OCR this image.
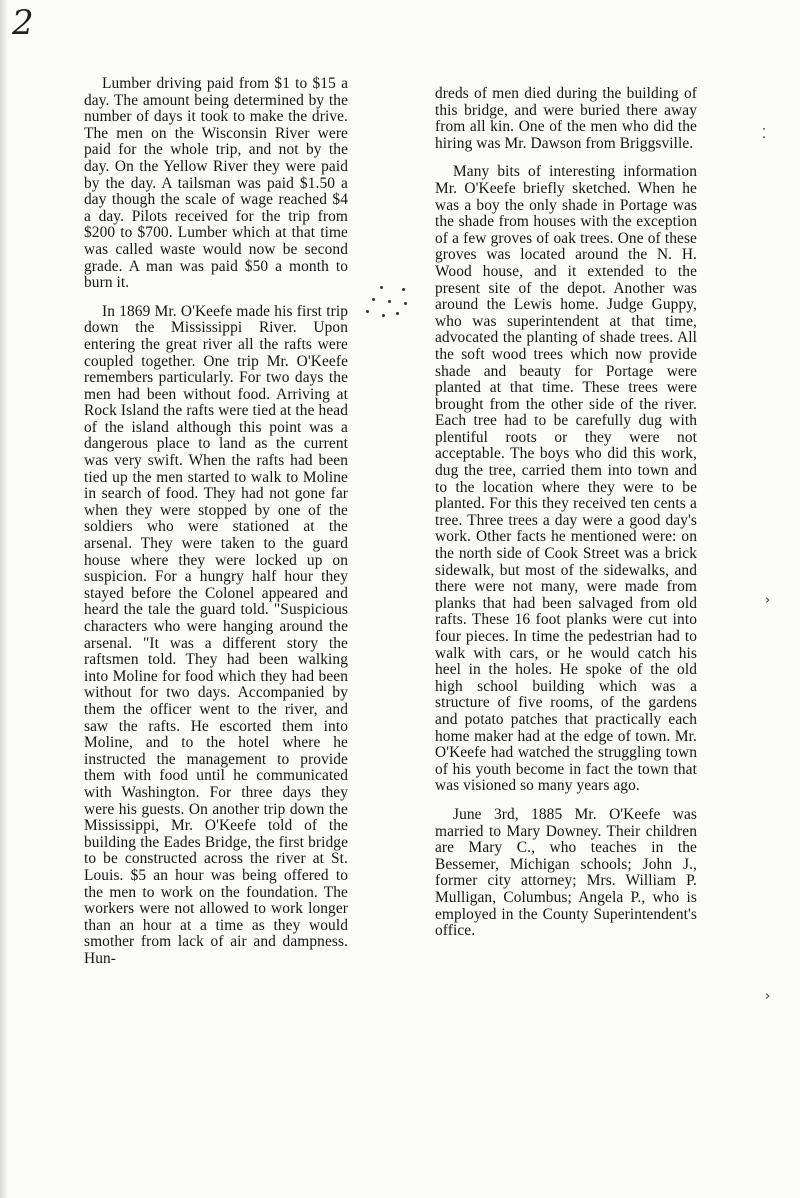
2

Lumber driving paid from $1 to $15 a day. The amount being determined by the number of days it took to make the drive. The men on the Wisconsin River were paid for the whole trip, and not by the day. On the Yellow River they were paid by the day. A tailsman was paid $1.50 a day though the scale of wage reached $4 a day. Pilots received for the trip from $200 to $700. Lumber which at that time was called waste would now be second grade. A man was paid $50 a month to burn it.

In 1869 Mr. O'Keefe made his first trip down the Mississippi River. Upon entering the great river all the rafts were coupled together. One trip Mr. O'Keefe remembers particularly. For two days the men had been without food. Arriving at Rock Island the rafts were tied at the head of the island although this point was a dangerous place to land as the current was very swift. When the rafts had been tied up the men started to walk to Moline in search of food. They had not gone far when they were stopped by one of the soldiers who were stationed at the arsenal. They were taken to the guard house where they were locked up on suspicion. For a hungry half hour they stayed before the Colonel appeared and heard the tale the guard told. "Suspicious characters who were hanging around the arsenal. "It was a different story the raftsmen told. They had been walking into Moline for food which they had been without for two days. Accompanied by them the officer went to the river, and saw the rafts. He escorted them into Moline, and to the hotel where he instructed the management to provide them with food until he communicated with Washington. For three days they were his guests. On another trip down the Mississippi, Mr. O'Keefe told of the building the Eades Bridge, the first bridge to be constructed across the river at St. Louis. $5 an hour was being offered to the men to work on the foundation. The workers were not allowed to work longer than an hour at a time as they would smother from lack of air and dampness. Hun-

dreds of men died during the building of this bridge, and were buried there away from all kin. One of the men who did the hiring was Mr. Dawson from Briggsville.

Many bits of interesting information Mr. O'Keefe briefly sketched. When he was a boy the only shade in Portage was the shade from houses with the exception of a few groves of oak trees. One of these groves was located around the N. H. Wood house, and it extended to the present site of the depot. Another was around the Lewis home. Judge Guppy, who was superintendent at that time, advocated the planting of shade trees. All the soft wood trees which now provide shade and beauty for Portage were planted at that time. These trees were brought from the other side of the river. Each tree had to be carefully dug with plentiful roots or they were not acceptable. The boys who did this work, dug the tree, carried them into town and to the location where they were to be planted. For this they received ten cents a tree. Three trees a day were a good day's work. Other facts he mentioned were: on the north side of Cook Street was a brick sidewalk, but most of the sidewalks, and there were not many, were made from planks that had been salvaged from old rafts. These 16 foot planks were cut into four pieces. In time the pedestrian had to walk with cars, or he would catch his heel in the holes. He spoke of the old high school building which was a structure of five rooms, of the gardens and potato patches that practically each home maker had at the edge of town. Mr. O'Keefe had watched the struggling town of his youth become in fact the town that was visioned so many years ago.

June 3rd, 1885 Mr. O'Keefe was married to Mary Downey. Their children are Mary C., who teaches in the Bessemer, Michigan schools; John J., former city attorney; Mrs. William P. Mulligan, Columbus; Angela P., who is employed in the County Superintendent's office.

⁚
›
›
